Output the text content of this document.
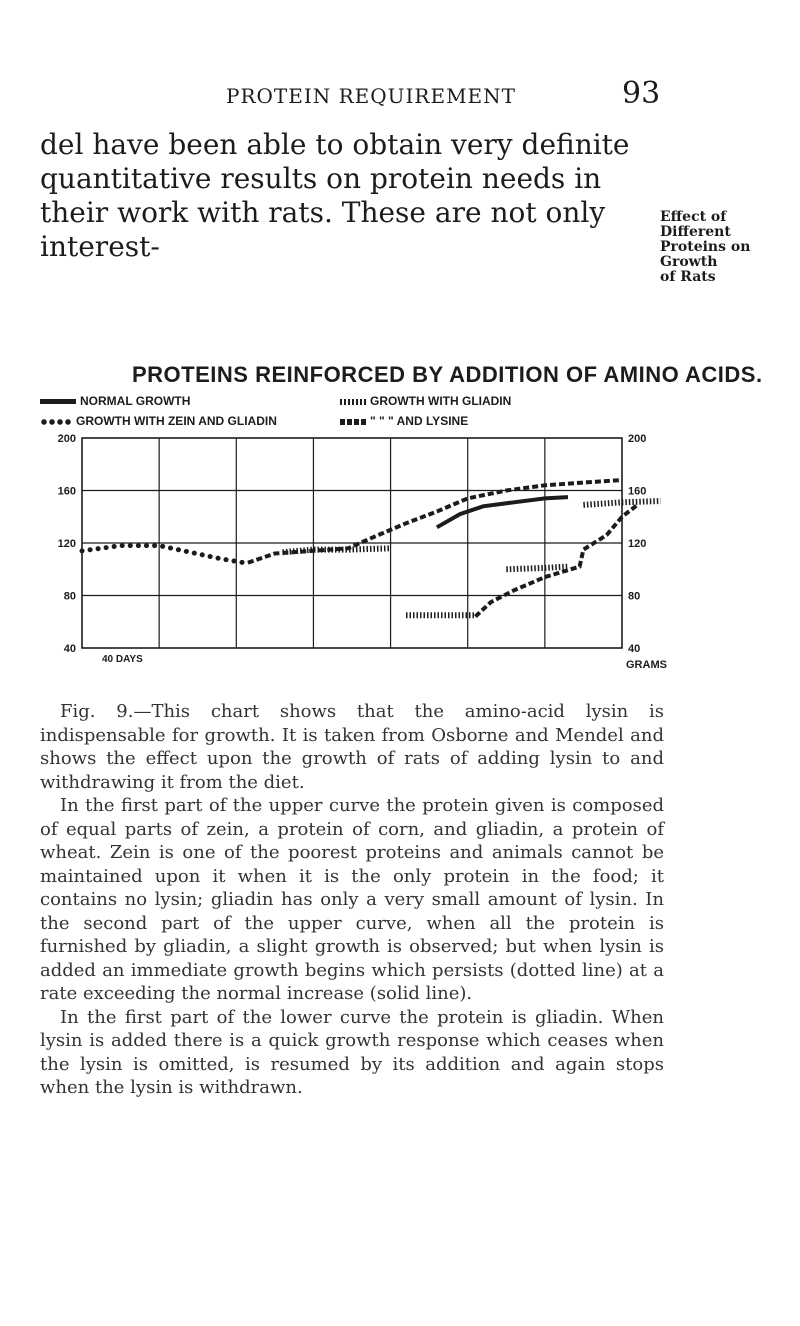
PROTEIN REQUIREMENT	93

del have been able to obtain very definite quantitative results on protein needs in their work with rats. These are not only interest-

Effect of
Different
Proteins on
Growth
of Rats
PROTEINS REINFORCED BY ADDITION OF AMINO ACIDS.
NORMAL GROWTH	GROWTH WITH GLIADIN
GROWTH WITH ZEIN AND GLIADIN	" " " AND LYSINE
200
160
120
80
40
200
160
120
80
40
GRAMS
40 DAYS

Fig. 9.—This chart shows that the amino-acid lysin is indispensable for growth. It is taken from Osborne and Mendel and shows the effect upon the growth of rats of adding lysin to and withdrawing it from the diet.

In the first part of the upper curve the protein given is composed of equal parts of zein, a protein of corn, and gliadin, a protein of wheat. Zein is one of the poorest proteins and animals cannot be maintained upon it when it is the only protein in the food; it contains no lysin; gliadin has only a very small amount of lysin. In the second part of the upper curve, when all the protein is furnished by gliadin, a slight growth is observed; but when lysin is added an immediate growth begins which persists (dotted line) at a rate exceeding the normal increase (solid line).

In the first part of the lower curve the protein is gliadin. When lysin is added there is a quick growth response which ceases when the lysin is omitted, is resumed by its addition and again stops when the lysin is withdrawn.
